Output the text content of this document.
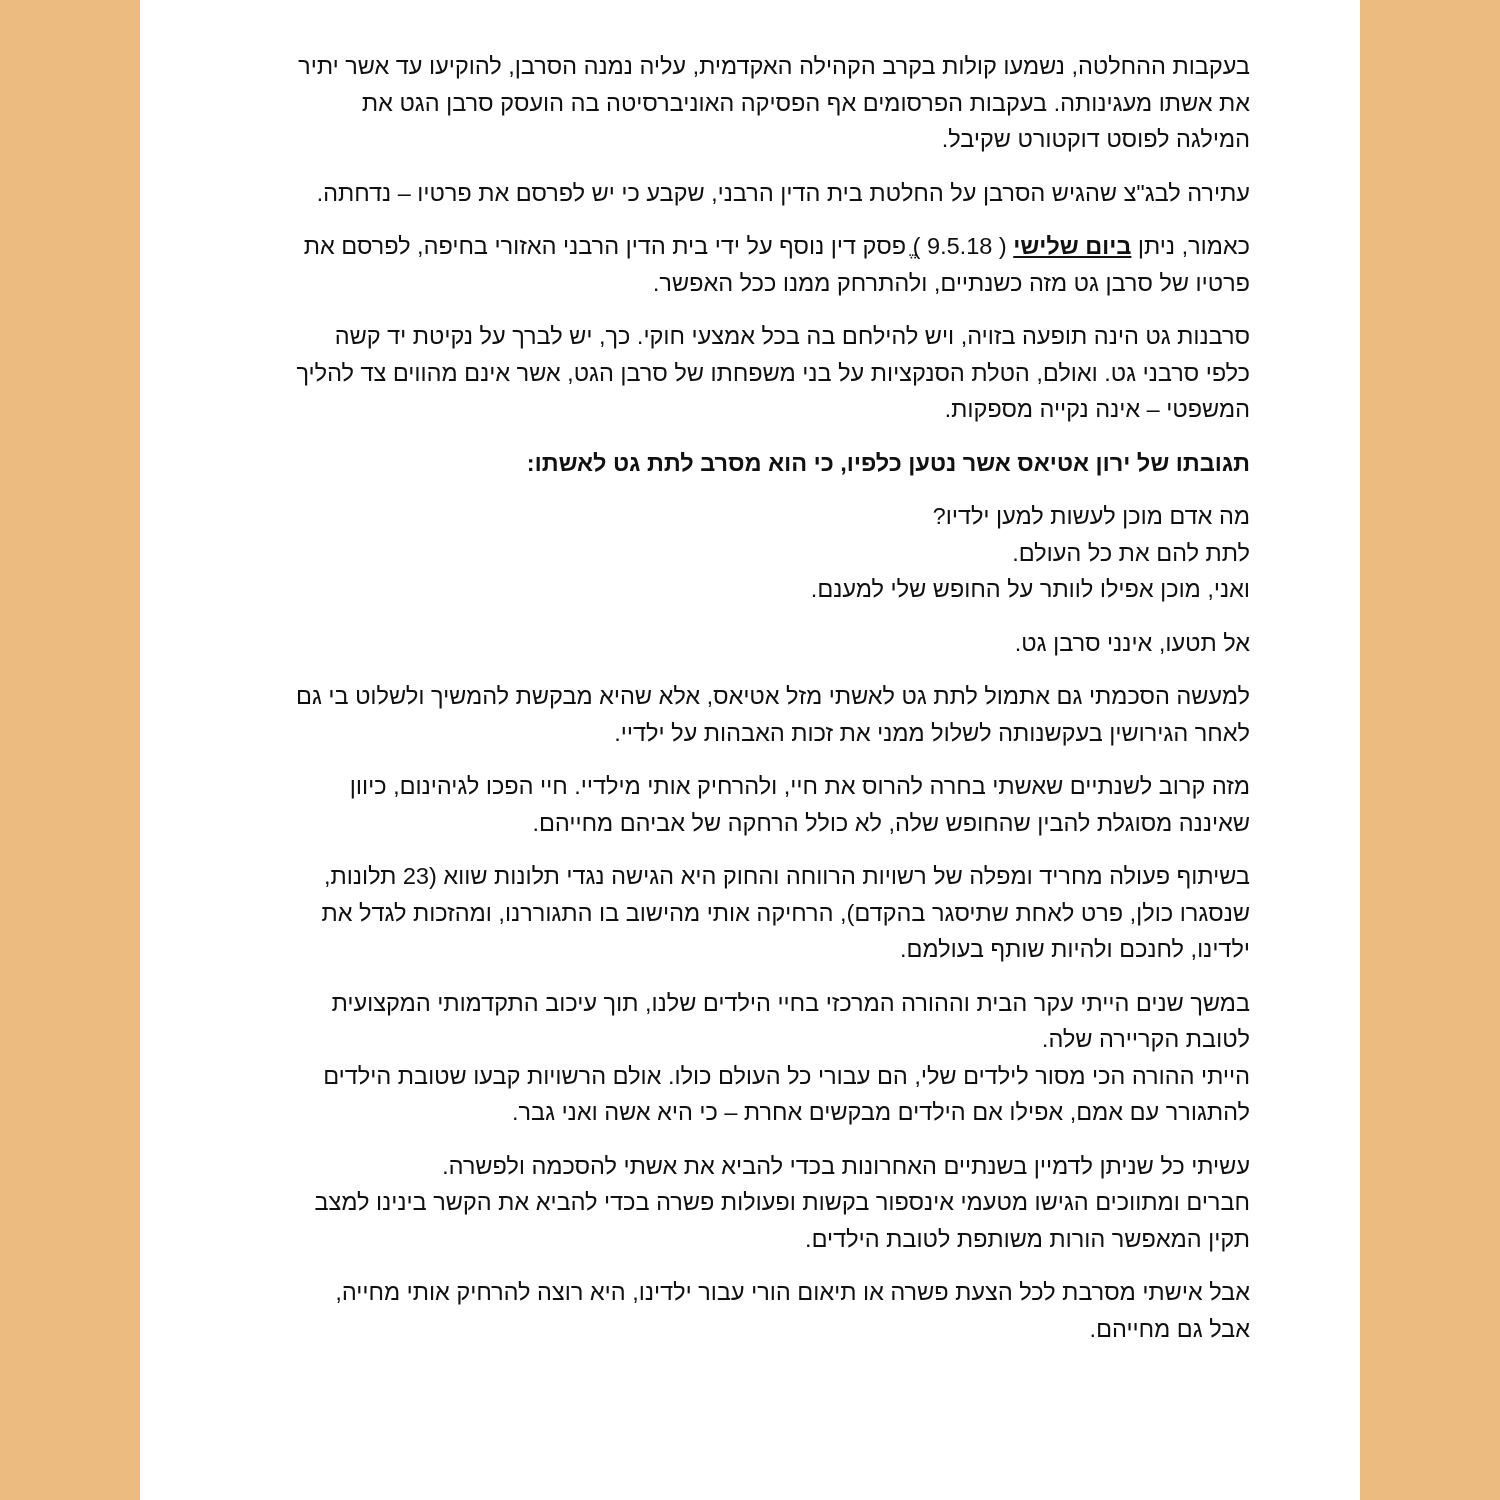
בעקבות ההחלטה, נשמעו קולות בקרב הקהילה האקדמית, עליה נמנה הסרבן, להוקיעו עד אשר יתיר את אשתו מעגינותה. בעקבות הפרסומים אף הפסיקה האוניברסיטה בה הועסק סרבן הגט את המילגה לפוסט דוקטורט שקיבל.

עתירה לבג"צ שהגיש הסרבן על החלטת בית הדין הרבני, שקבע כי יש לפרסם את פרטיו – נדחתה.

כאמור, ניתן ביום שלישי ( 9.5.18 )ֱ פסק דין נוסף על ידי בית הדין הרבני האזורי בחיפה, לפרסם את פרטיו של סרבן גט מזה כשנתיים, ולהתרחק ממנו ככל האפשר.

סרבנות גט הינה תופעה בזויה, ויש להילחם בה בכל אמצעי חוקי. כך, יש לברך על נקיטת יד קשה כלפי סרבני גט. ואולם, הטלת הסנקציות על בני משפחתו של סרבן הגט, אשר אינם מהווים צד להליך המשפטי – אינה נקייה מספקות.

תגובתו של ירון אטיאס אשר נטען כלפיו, כי הוא מסרב לתת גט לאשתו:

מה אדם מוכן לעשות למען ילדיו?
לתת להם את כל העולם.
ואני, מוכן אפילו לוותר על החופש שלי למענם.

אל תטעו, אינני סרבן גט.

למעשה הסכמתי גם אתמול לתת גט לאשתי מזל אטיאס, אלא שהיא מבקשת להמשיך ולשלוט בי גם לאחר הגירושין בעקשנותה לשלול ממני את זכות האבהות על ילדיי.

מזה קרוב לשנתיים שאשתי בחרה להרוס את חיי, ולהרחיק אותי מילדיי. חיי הפכו לגיהינום, כיוון שאיננה מסוגלת להבין שהחופש שלה, לא כולל הרחקה של אביהם מחייהם.

בשיתוף פעולה מחריד ומפלה של רשויות הרווחה והחוק היא הגישה נגדי תלונות שווא (23 תלונות, שנסגרו כולן, פרט לאחת שתיסגר בהקדם), הרחיקה אותי מהישוב בו התגוררנו, ומהזכות לגדל את ילדינו, לחנכם ולהיות שותף בעולמם.

במשך שנים הייתי עקר הבית וההורה המרכזי בחיי הילדים שלנו, תוך עיכוב התקדמותי המקצועית לטובת הקריירה שלה.
הייתי ההורה הכי מסור לילדים שלי, הם עבורי כל העולם כולו. אולם הרשויות קבעו שטובת הילדים להתגורר עם אמם, אפילו אם הילדים מבקשים אחרת – כי היא אשה ואני גבר.

עשיתי כל שניתן לדמיין בשנתיים האחרונות בכדי להביא את אשתי להסכמה ולפשרה.
חברים ומתווכים הגישו מטעמי אינספור בקשות ופעולות פשרה בכדי להביא את הקשר בינינו למצב תקין המאפשר הורות משותפת לטובת הילדים.

אבל אישתי מסרבת לכל הצעת פשרה או תיאום הורי עבור ילדינו, היא רוצה להרחיק אותי מחייה, אבל גם מחייהם.
